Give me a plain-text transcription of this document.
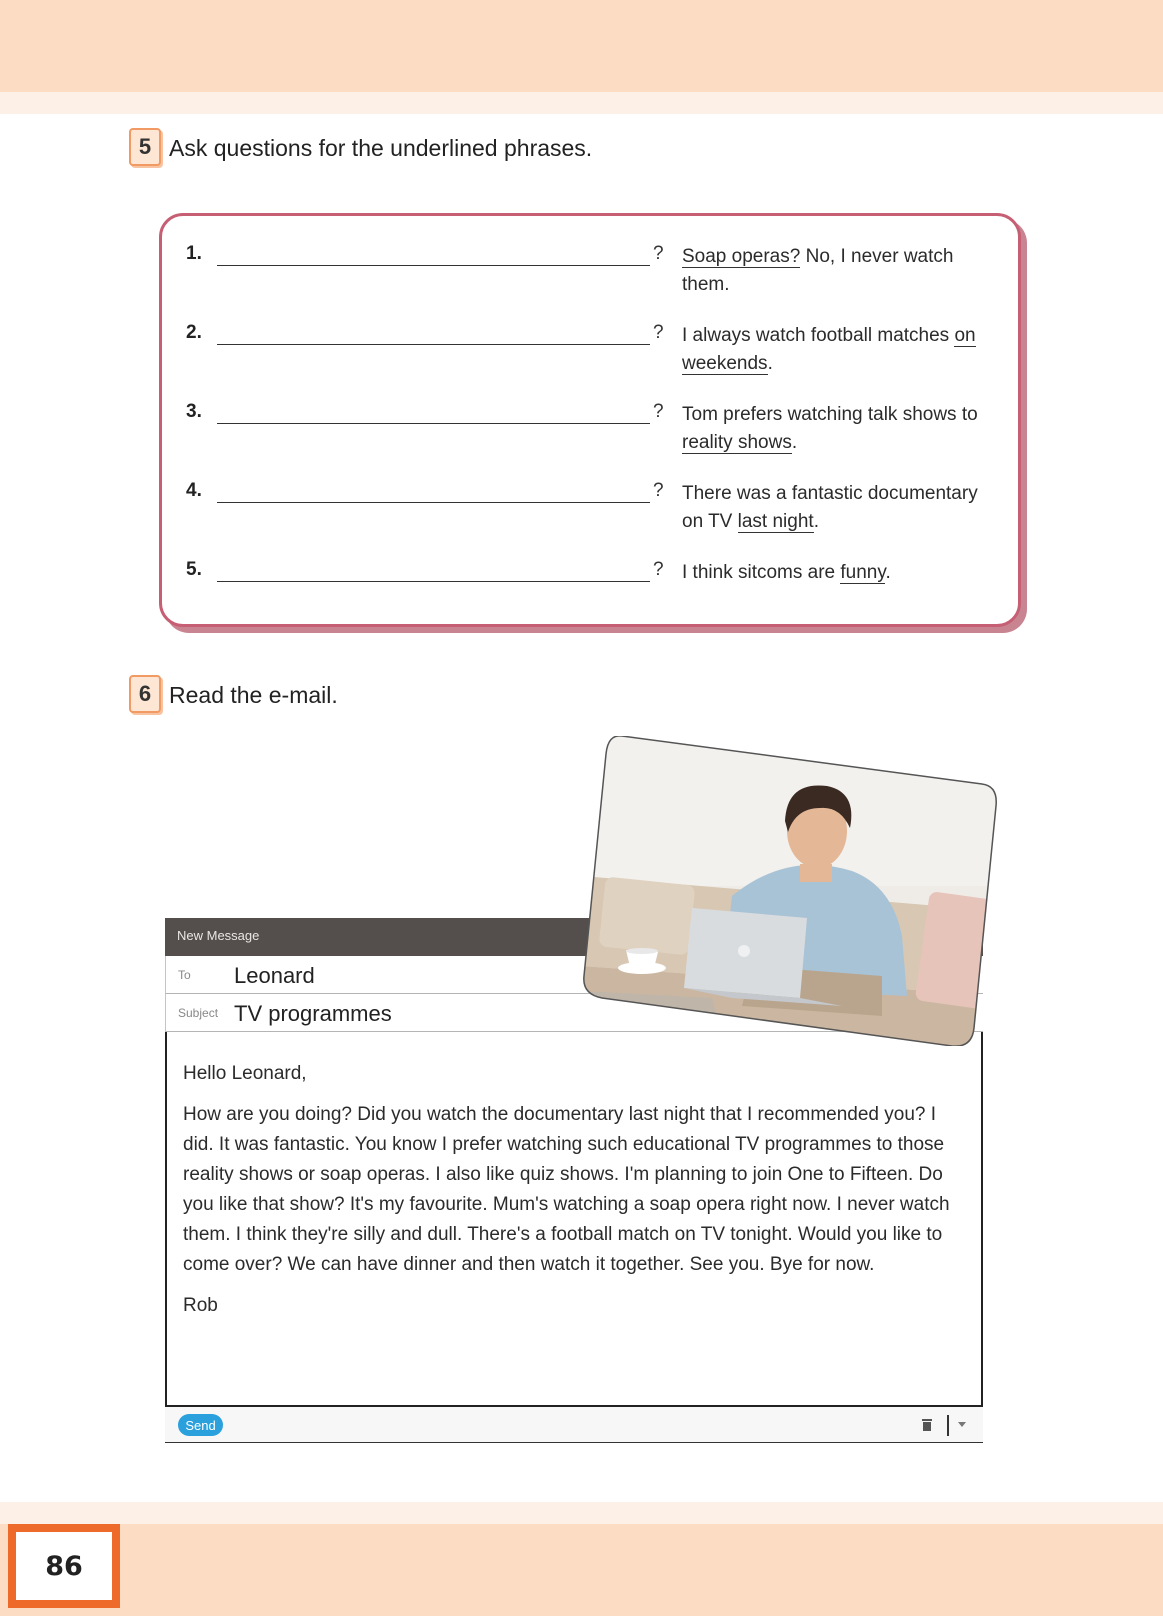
5 Ask questions for the underlined phrases.
1.	? Soap operas? No, I never watch them.
2.	? I always watch football matches on weekends.
3.	? Tom prefers watching talk shows to reality shows.
4.	? There was a fantastic documentary on TV last night.
5.	? I think sitcoms are funny.
6 Read the e-mail.
New Message
To Leonard
Subject TV programmes

Hello Leonard,

How are you doing? Did you watch the documentary last night that I recommended you? I did. It was fantastic. You know I prefer watching such educational TV programmes to those reality shows or soap operas. I also like quiz shows. I'm planning to join One to Fifteen. Do you like that show? It's my favourite. Mum's watching a soap opera right now. I never watch them. I think they're silly and dull. There's a football match on TV tonight. Would you like to come over? We can have dinner and then watch it together. See you. Bye for now.

Rob

Send
86
